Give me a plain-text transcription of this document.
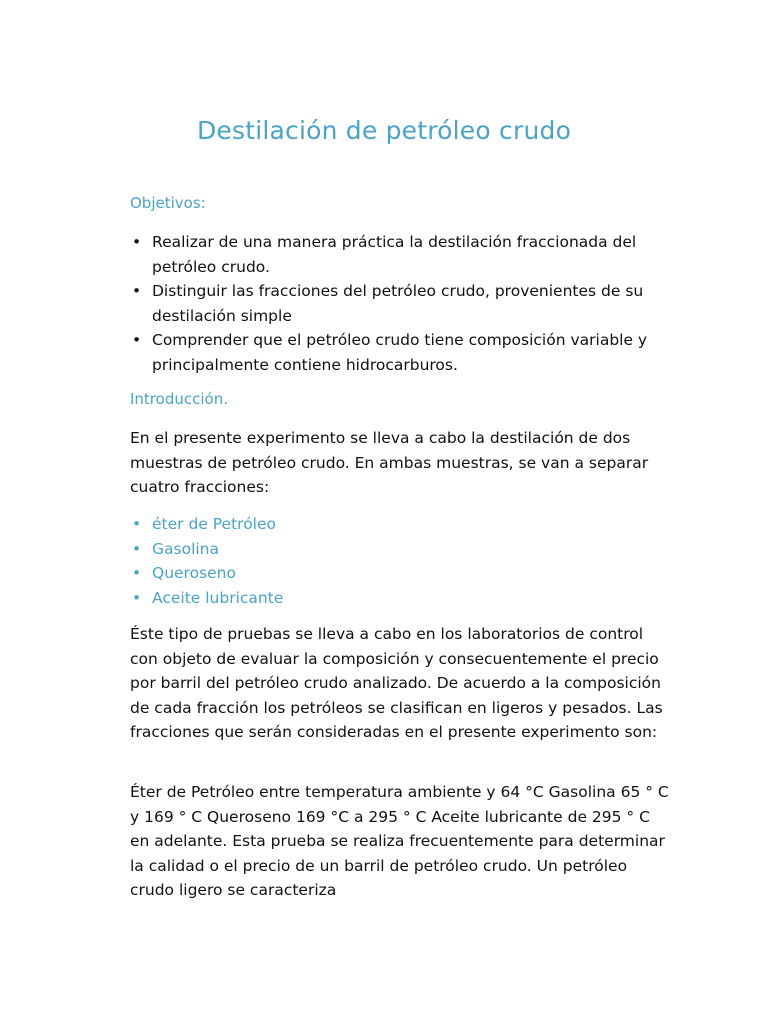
Destilación de petróleo crudo
Objetivos:
• Realizar de una manera práctica la destilación fraccionada del petróleo crudo.
• Distinguir las fracciones del petróleo crudo, provenientes de su destilación simple
• Comprender que el petróleo crudo tiene composición variable y principalmente contiene hidrocarburos.
Introducción.

En el presente experimento se lleva a cabo la destilación de dos muestras de petróleo crudo. En ambas muestras, se van a separar cuatro fracciones:

• éter de Petróleo
• Gasolina
• Queroseno
• Aceite lubricante

Éste tipo de pruebas se lleva a cabo en los laboratorios de control con objeto de evaluar la composición y consecuentemente el precio por barril del petróleo crudo analizado. De acuerdo a la composición de cada fracción los petróleos se clasifican en ligeros y pesados. Las fracciones que serán consideradas en el presente experimento son:

Éter de Petróleo entre temperatura ambiente y 64 °C Gasolina 65 ° C y 169 ° C Queroseno 169 °C a 295 ° C Aceite lubricante de 295 ° C en adelante. Esta prueba se realiza frecuentemente para determinar la calidad o el precio de un barril de petróleo crudo. Un petróleo crudo ligero se caracteriza
